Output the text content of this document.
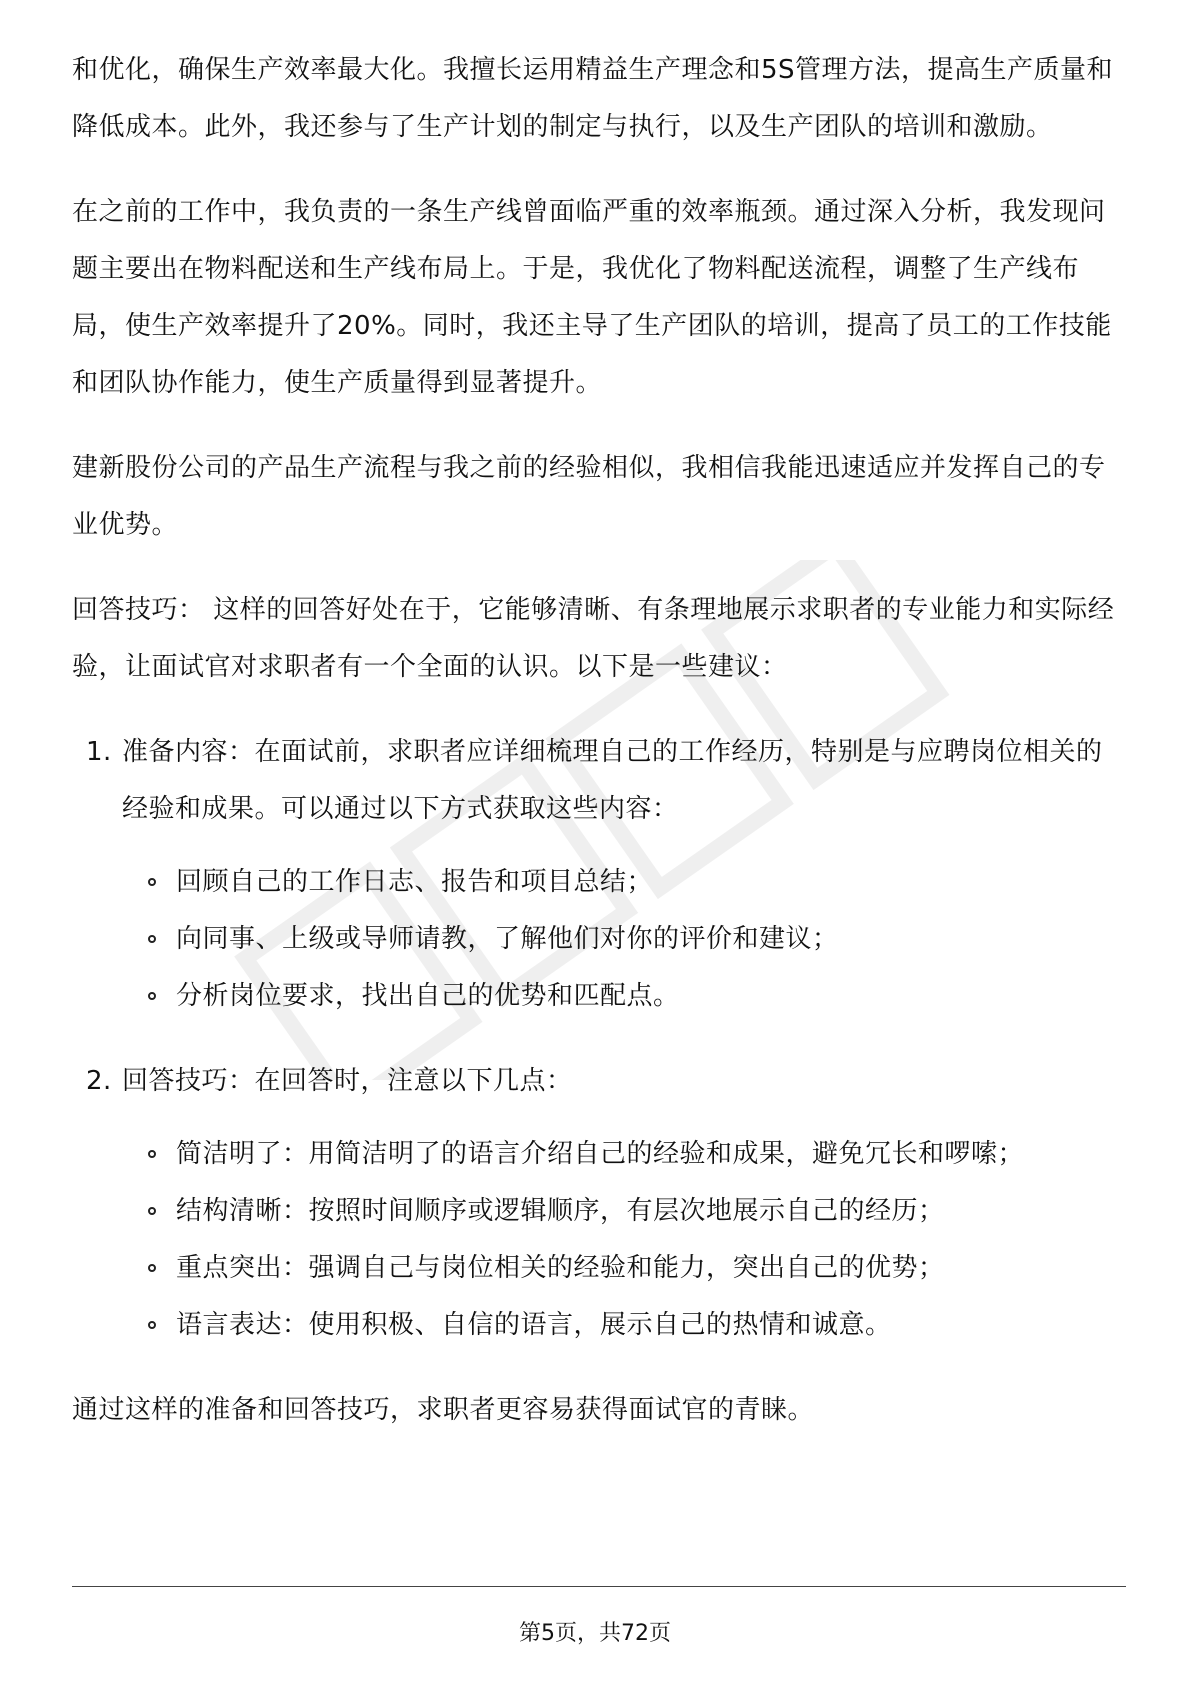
和优化，确保生产效率最大化。我擅长运用精益生产理念和5S管理方法，提高生产质量和降低成本。此外，我还参与了生产计划的制定与执行，以及生产团队的培训和激励。

在之前的工作中，我负责的一条生产线曾面临严重的效率瓶颈。通过深入分析，我发现问题主要出在物料配送和生产线布局上。于是，我优化了物料配送流程，调整了生产线布局，使生产效率提升了20%。同时，我还主导了生产团队的培训，提高了员工的工作技能和团队协作能力，使生产质量得到显著提升。

建新股份公司的产品生产流程与我之前的经验相似，我相信我能迅速适应并发挥自己的专业优势。

回答技巧： 这样的回答好处在于，它能够清晰、有条理地展示求职者的专业能力和实际经验，让面试官对求职者有一个全面的认识。以下是一些建议：

1. 准备内容：在面试前，求职者应详细梳理自己的工作经历，特别是与应聘岗位相关的经验和成果。可以通过以下方式获取这些内容：
回顾自己的工作日志、报告和项目总结；
向同事、上级或导师请教，了解他们对你的评价和建议；
分析岗位要求，找出自己的优势和匹配点。
2. 回答技巧：在回答时，注意以下几点：
简洁明了：用简洁明了的语言介绍自己的经验和成果，避免冗长和啰嗦；
结构清晰：按照时间顺序或逻辑顺序，有层次地展示自己的经历；
重点突出：强调自己与岗位相关的经验和能力，突出自己的优势；
语言表达：使用积极、自信的语言，展示自己的热情和诚意。

通过这样的准备和回答技巧，求职者更容易获得面试官的青睐。

第5页，共72页
